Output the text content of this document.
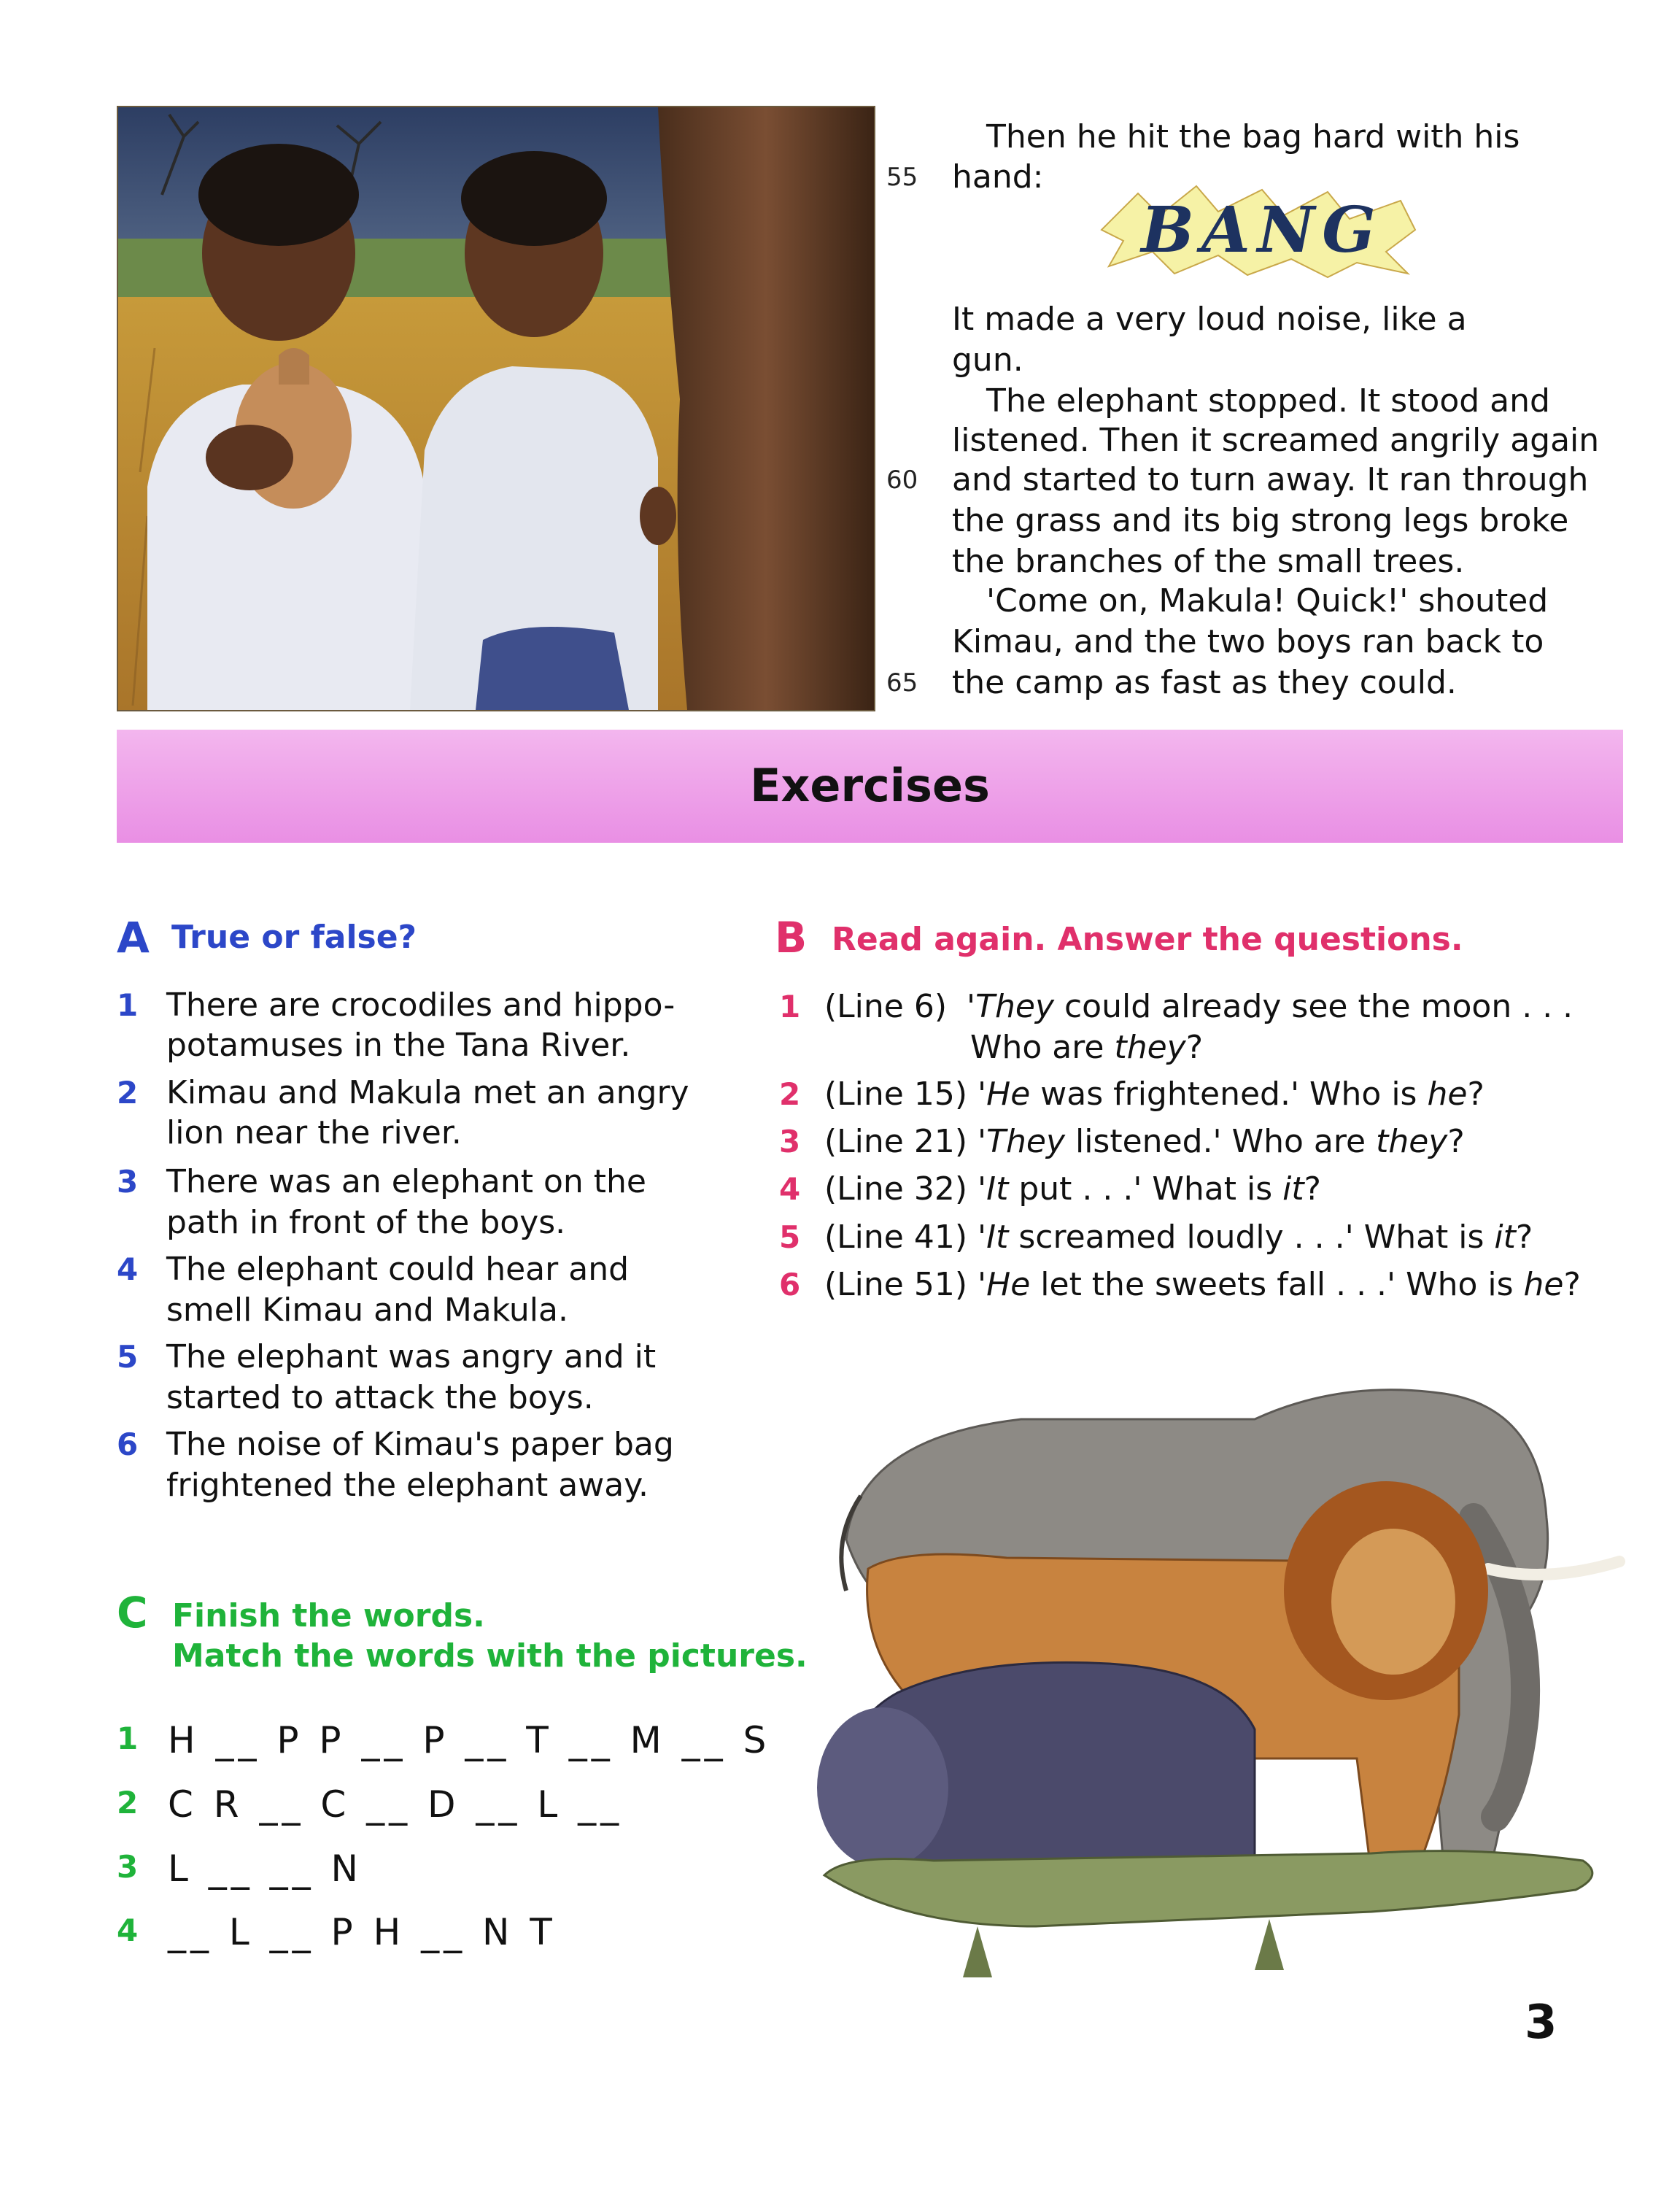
55
60
65
Then he hit the bag hard with his
hand:
BANG
It made a very loud noise, like a
gun.
The elephant stopped. It stood and
listened. Then it screamed angrily again
and started to turn away. It ran through
the grass and its big strong legs broke
the branches of the small trees.
'Come on, Makula! Quick!' shouted
Kimau, and the two boys ran back to
the camp as fast as they could.
Exercises
A True or false?
1 There are crocodiles and hippo-
potamuses in the Tana River.
2 Kimau and Makula met an angry
lion near the river.
3 There was an elephant on the
path in front of the boys.
4 The elephant could hear and
smell Kimau and Makula.
5 The elephant was angry and it
started to attack the boys.
6 The noise of Kimau's paper bag
frightened the elephant away.
B Read again. Answer the questions.
1 (Line 6) 'They could already see the moon . . .
Who are they?
2 (Line 15) 'He was frightened.' Who is he?
3 (Line 21) 'They listened.' Who are they?
4 (Line 32) 'It put . . .' What is it?
5 (Line 41) 'It screamed loudly . . .' What is it?
6 (Line 51) 'He let the sweets fall . . .' Who is he?
C Finish the words.
Match the words with the pictures.
1 H __ P P __ P __ T __ M __ S
2 C R __ C __ D __ L __
3 L __ __ N
4 __ L __ P H __ N T
3
